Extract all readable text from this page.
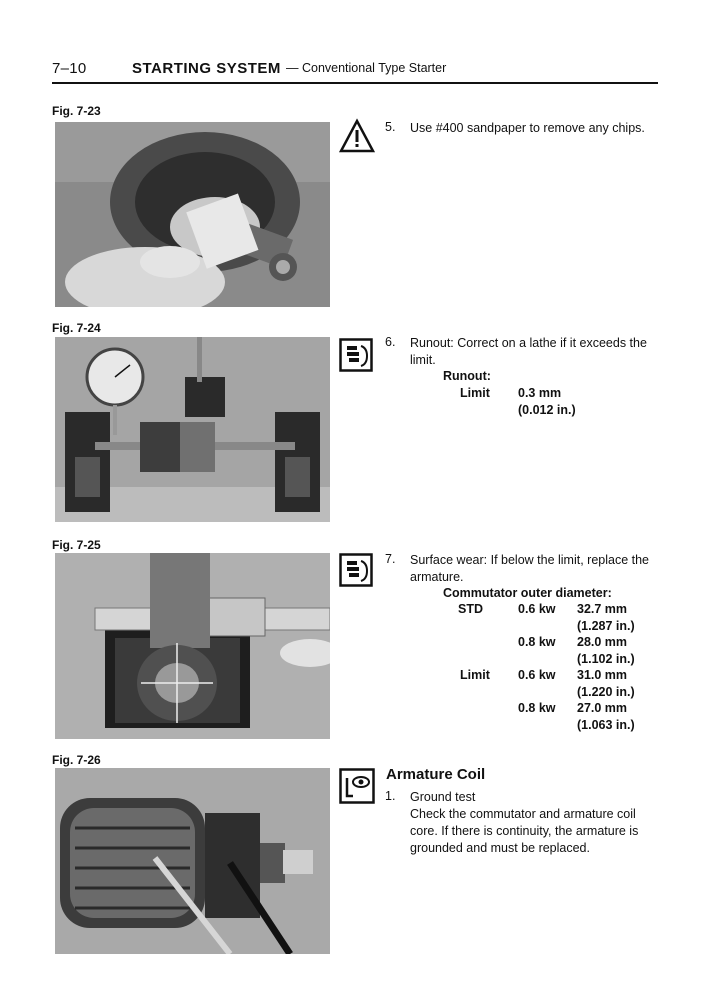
7–10	STARTING SYSTEM — Conventional Type Starter
Fig. 7-23
5. Use #400 sandpaper to remove any chips.
Fig. 7-24
6. Runout: Correct on a lathe if it exceeds the
limit.
Runout:
Limit 0.3 mm
(0.012 in.)
Fig. 7-25
7. Surface wear: If below the limit, replace the
armature.
Commutator outer diameter:
STD	0.6 kw 32.7 mm
(1.287 in.)
0.8 kw 28.0 mm
(1.102 in.)
Limit 0.6 kw 31.0 mm
(1.220 in.)
0.8 kw 27.0 mm
(1.063 in.)
Fig. 7-26
Armature Coil
1. Ground test
Check the commutator and armature coil
core. If there is continuity, the armature is
grounded and must be replaced.
